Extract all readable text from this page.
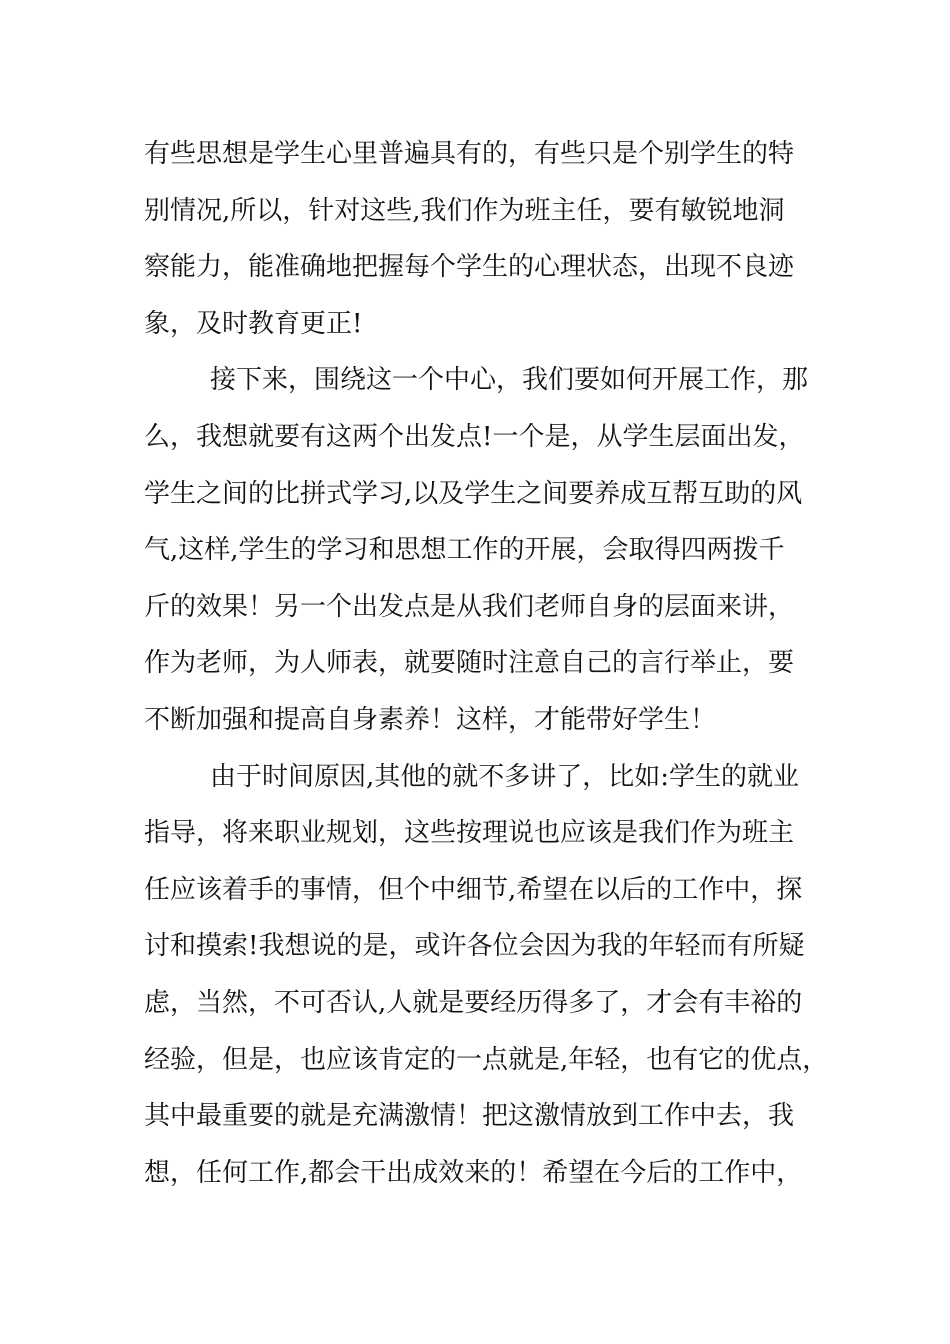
有些思想是学生心里普遍具有的，有些只是个别学生的特
别情况,所以，针对这些,我们作为班主任，要有敏锐地洞
察能力，能准确地把握每个学生的心理状态，出现不良迹
象，及时教育更正!
接下来，围绕这一个中心，我们要如何开展工作，那
么，我想就要有这两个出发点!一个是，从学生层面出发，
学生之间的比拼式学习,以及学生之间要养成互帮互助的风
气,这样,学生的学习和思想工作的开展，会取得四两拨千
斤的效果！另一个出发点是从我们老师自身的层面来讲，
作为老师，为人师表，就要随时注意自己的言行举止，要
不断加强和提高自身素养！这样，才能带好学生！
由于时间原因,其他的就不多讲了，比如:学生的就业
指导，将来职业规划，这些按理说也应该是我们作为班主
任应该着手的事情，但个中细节,希望在以后的工作中，探
讨和摸索!我想说的是，或许各位会因为我的年轻而有所疑
虑，当然，不可否认,人就是要经历得多了，才会有丰裕的
经验，但是，也应该肯定的一点就是,年轻，也有它的优点，
其中最重要的就是充满激情！把这激情放到工作中去，我
想，任何工作,都会干出成效来的！希望在今后的工作中，
